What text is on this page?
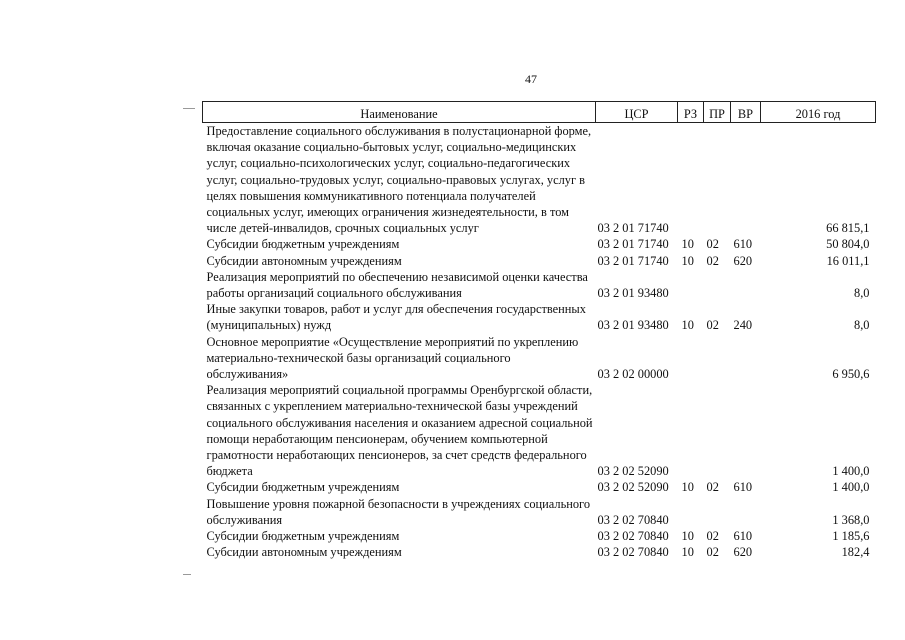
47
Наименование	ЦСР	РЗ	ПР	ВР	2016 год
Предоставление социального обслуживания в полустационарной форме, включая оказание социально-бытовых услуг, социально-медицинских услуг, социально-психологических услуг, социально-педагогических услуг, социально-трудовых услуг, социально-правовых услугах, услуг в целях повышения коммуникативного потенциала получателей социальных услуг, имеющих ограничения жизнедеятельности, в том числе детей-инвалидов, срочных социальных услуг	03 2 01 71740				66 815,1
Субсидии бюджетным учреждениям	03 2 01 71740	10	02	610	50 804,0
Субсидии автономным учреждениям	03 2 01 71740	10	02	620	16 011,1
Реализация мероприятий по обеспечению независимой оценки качества работы организаций социального обслуживания	03 2 01 93480				8,0
Иные закупки товаров, работ и услуг для обеспечения государственных (муниципальных) нужд	03 2 01 93480	10	02	240	8,0
Основное мероприятие «Осуществление мероприятий по укреплению материально-технической базы организаций социального обслуживания»	03 2 02 00000				6 950,6
Реализация мероприятий социальной программы Оренбургской области, связанных с укреплением материально-технической базы учреждений социального обслуживания населения и оказанием адресной социальной помощи неработающим пенсионерам, обучением компьютерной грамотности неработающих пенсионеров, за счет средств федерального бюджета	03 2 02 52090				1 400,0
Субсидии бюджетным учреждениям	03 2 02 52090	10	02	610	1 400,0
Повышение уровня пожарной безопасности в учреждениях социального обслуживания	03 2 02 70840				1 368,0
Субсидии бюджетным учреждениям	03 2 02 70840	10	02	610	1 185,6
Субсидии автономным учреждениям	03 2 02 70840	10	02	620	182,4
